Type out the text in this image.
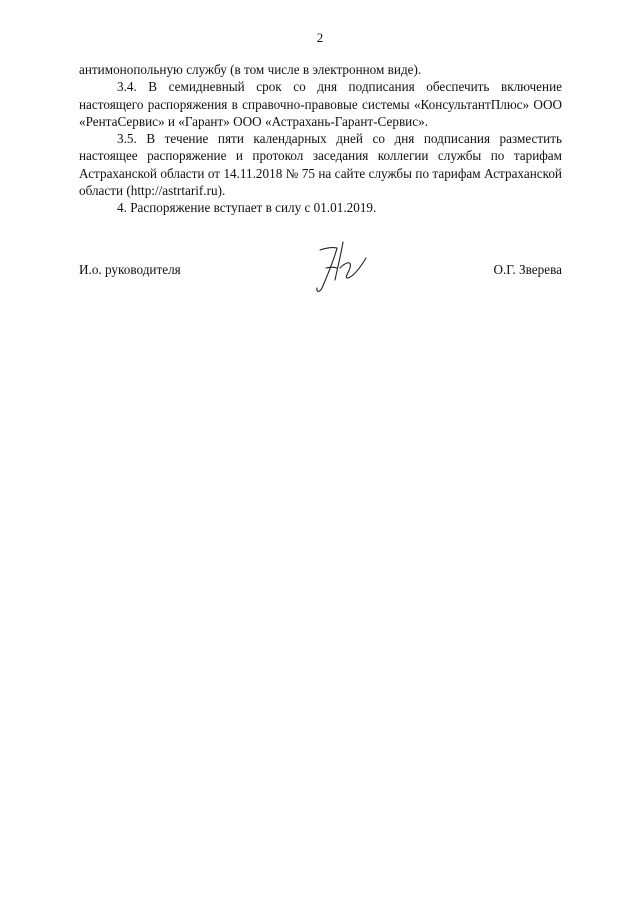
2

антимонопольную службу (в том числе в электронном виде).

3.4. В семидневный срок со дня подписания обеспечить включение настоящего распоряжения в справочно-правовые системы «КонсультантПлюс» ООО «РентаСервис» и «Гарант» ООО «Астрахань-Гарант-Сервис».

3.5. В течение пяти календарных дней со дня подписания разместить настоящее распоряжение и протокол заседания коллегии службы по тарифам Астраханской области от 14.11.2018 № 75 на сайте службы по тарифам Астраханской области (http://astrtarif.ru).

4. Распоряжение вступает в силу с 01.01.2019.

И.о. руководителя	О.Г. Зверева
